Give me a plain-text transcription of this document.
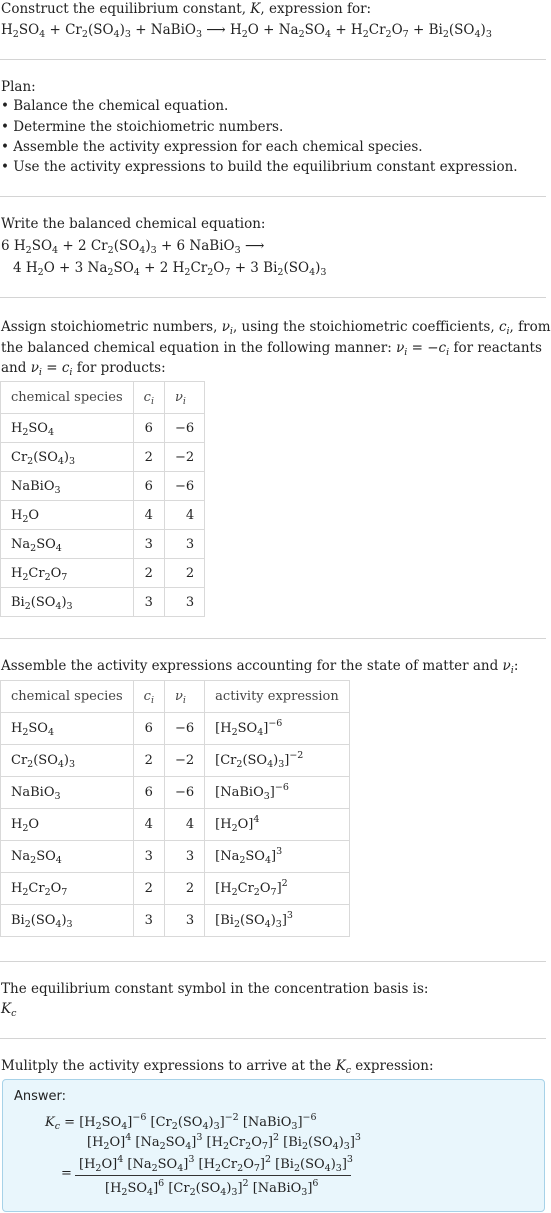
Construct the equilibrium constant, K, expression for:
$H_2SO_4 + Cr_2(SO_4)_3$ + NaBiO$_3$ ⟶ $H_2O + Na_2SO_4 + H_2Cr_2O_7 + Bi_2(SO_4)_3$
Plan:
• Balance the chemical equation.
• Determine the stoichiometric numbers.
• Assemble the activity expression for each chemical species.
• Use the activity expressions to build the equilibrium constant expression.
Write the balanced chemical equation:
6 $H_2SO_4 + 2$ $Cr_2(SO_4)_3 + 6$ NaBiO$_3$ ⟶
4 $H_2O + 3$ $Na_2SO_4 + 2$ $H_2Cr_2O_7 + 3$ $Bi_2(SO_4)_3$
Assign stoichiometric numbers, $\nu_i$, using the stoichiometric coefficients, $c_i$, from
the balanced chemical equation in the following manner: $\nu_i = -c_i$ for reactants
and $\nu_i = c_i$ for products:
chemical species	$c_i$	$\nu_i$
$H_2SO_4$	6	−6
$Cr_2(SO_4)_3$	2	−2
NaBiO$_3$	6	−6
$H_2O$	4	4
$Na_2SO_4$	3	3
$H_2Cr_2O_7$	2	2
$Bi_2(SO_4)_3$	3	3
Assemble the activity expressions accounting for the state of matter and $\nu_i$:
chemical species	$c_i$	$\nu_i$	activity expression
$H_2SO_4$	6	−6	$[H_2SO_4]^{-6}$
$Cr_2(SO_4)_3$	2	−2	$[Cr_2(SO_4)_3]^{-2}$
NaBiO$_3$	6	−6	[NaBiO$_3$]$^{-6}$
$H_2O$	4	4	$[H_2O]^4$
$Na_2SO_4$	3	3	$[Na_2SO_4]^3$
$H_2Cr_2O_7$	2	2	$[H_2Cr_2O_7]^2$
$Bi_2(SO_4)_3$	3	3	$[Bi_2(SO_4)_3]^3$
The equilibrium constant symbol in the concentration basis is:
$K_c$
Mulitply the activity expressions to arrive at the $K_c$ expression:
Answer:
$K_c = [H_2SO_4]^{-6}$ $[Cr_2(SO_4)_3]^{-2}$ [NaBiO$_3$]$^{-6}$
=
$[H_2O]^4$ $[Na_2SO_4]^3$ $[H_2Cr_2O_7]^2$ $[Bi_2(SO_4)_3]^3$
$[H_2SO_4]^6$ $[Cr_2(SO_4)_3]^2$ [NaBiO$_3$]$^6$
$[H_2O]^4$ $[Na_2SO_4]^3$ $[H_2Cr_2O_7]^2$ $[Bi_2(SO_4)_3]^3$
